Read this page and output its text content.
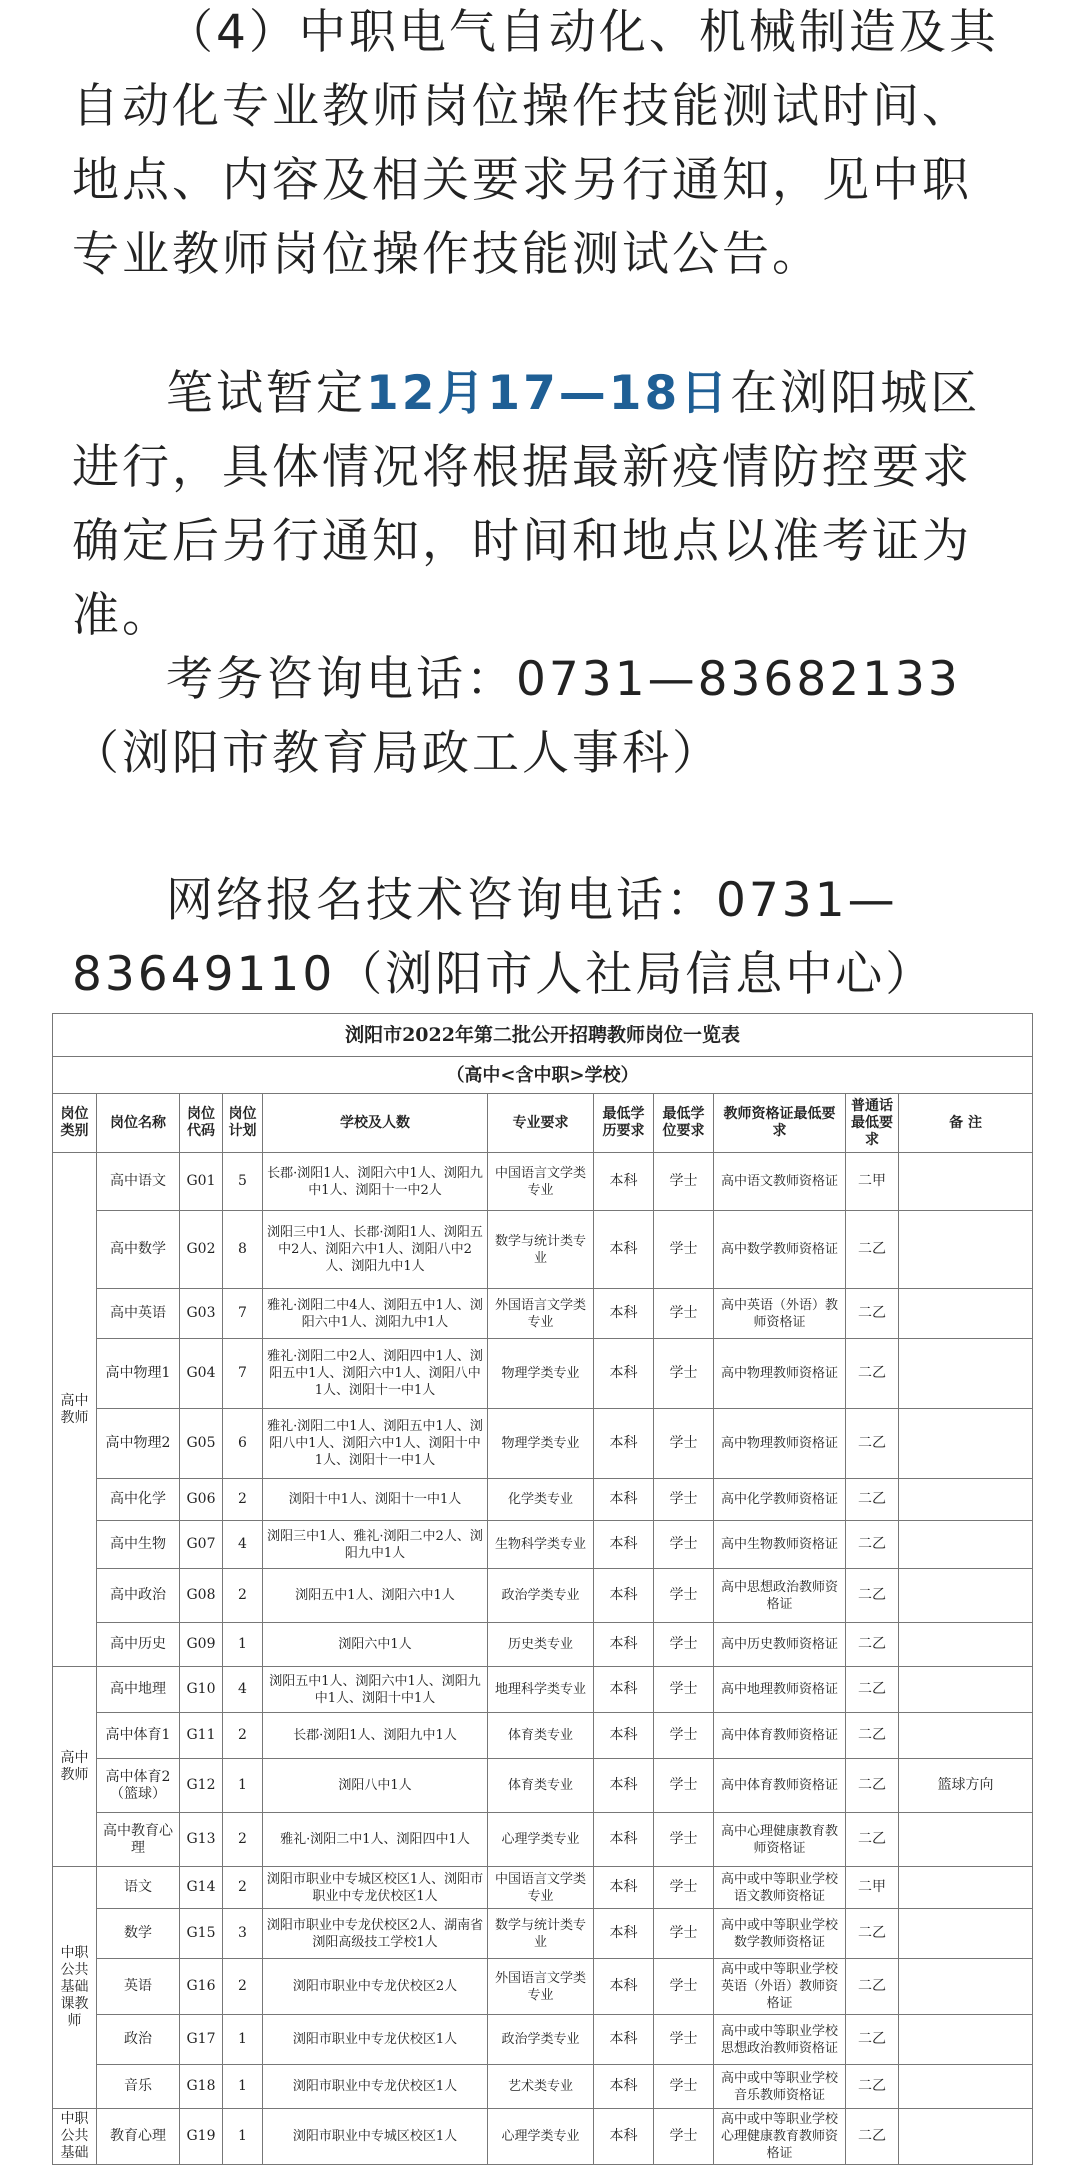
（4）中职电气自动化、机械制造及其自动化专业教师岗位操作技能测试时间、地点、内容及相关要求另行通知，见中职专业教师岗位操作技能测试公告。

笔试暂定12月17—18日在浏阳城区进行，具体情况将根据最新疫情防控要求确定后另行通知，时间和地点以准考证为准。

考务咨询电话：0731—83682133（浏阳市教育局政工人事科）

网络报名技术咨询电话：0731—83649110（浏阳市人社局信息中心）

浏阳市2022年第二批公开招聘教师岗位一览表										
（高中<含中职>学校）										
岗位类别	岗位名称	岗位代码	岗位计划	学校及人数	专业要求	最低学历要求	最低学位要求	教师资格证最低要求	普通话最低要求	备 注
高中教师	高中语文	G01	5	长郡·浏阳1人、浏阳六中1人、浏阳九中1人、浏阳十一中2人	中国语言文学类专业	本科	学士	高中语文教师资格证	二甲	
	高中数学	G02	8	浏阳三中1人、长郡·浏阳1人、浏阳五中2人、浏阳六中1人、浏阳八中2人、浏阳九中1人	数学与统计类专业	本科	学士	高中数学教师资格证	二乙	
	高中英语	G03	7	雅礼·浏阳二中4人、浏阳五中1人、浏阳六中1人、浏阳九中1人	外国语言文学类专业	本科	学士	高中英语（外语）教师资格证	二乙	
	高中物理1	G04	7	雅礼·浏阳二中2人、浏阳四中1人、浏阳五中1人、浏阳六中1人、浏阳八中1人、浏阳十一中1人	物理学类专业	本科	学士	高中物理教师资格证	二乙	
	高中物理2	G05	6	雅礼·浏阳二中1人、浏阳五中1人、浏阳八中1人、浏阳六中1人、浏阳十中1人、浏阳十一中1人	物理学类专业	本科	学士	高中物理教师资格证	二乙	
	高中化学	G06	2	浏阳十中1人、浏阳十一中1人	化学类专业	本科	学士	高中化学教师资格证	二乙	
	高中生物	G07	4	浏阳三中1人、雅礼·浏阳二中2人、浏阳九中1人	生物科学类专业	本科	学士	高中生物教师资格证	二乙	
	高中政治	G08	2	浏阳五中1人、浏阳六中1人	政治学类专业	本科	学士	高中思想政治教师资格证	二乙	
	高中历史	G09	1	浏阳六中1人	历史类专业	本科	学士	高中历史教师资格证	二乙	
高中教师	高中地理	G10	4	浏阳五中1人、浏阳六中1人、浏阳九中1人、浏阳十中1人	地理科学类专业	本科	学士	高中地理教师资格证	二乙	
	高中体育1	G11	2	长郡·浏阳1人、浏阳九中1人	体育类专业	本科	学士	高中体育教师资格证	二乙	
	高中体育2（篮球）	G12	1	浏阳八中1人	体育类专业	本科	学士	高中体育教师资格证	二乙	篮球方向
	高中教育心理	G13	2	雅礼·浏阳二中1人、浏阳四中1人	心理学类专业	本科	学士	高中心理健康教育教师资格证	二乙	
中职公共基础课教师	语文	G14	2	浏阳市职业中专城区校区1人、浏阳市职业中专龙伏校区1人	中国语言文学类专业	本科	学士	高中或中等职业学校语文教师资格证	二甲	
	数学	G15	3	浏阳市职业中专龙伏校区2人、湖南省浏阳高级技工学校1人	数学与统计类专业	本科	学士	高中或中等职业学校数学教师资格证	二乙	
	英语	G16	2	浏阳市职业中专龙伏校区2人	外国语言文学类专业	本科	学士	高中或中等职业学校英语（外语）教师资格证	二乙	
	政治	G17	1	浏阳市职业中专龙伏校区1人	政治学类专业	本科	学士	高中或中等职业学校思想政治教师资格证	二乙	
	音乐	G18	1	浏阳市职业中专龙伏校区1人	艺术类专业	本科	学士	高中或中等职业学校音乐教师资格证	二乙	
中职公共基础	教育心理	G19	1	浏阳市职业中专城区校区1人	心理学类专业	本科	学士	高中或中等职业学校心理健康教育教师资格证	二乙	
